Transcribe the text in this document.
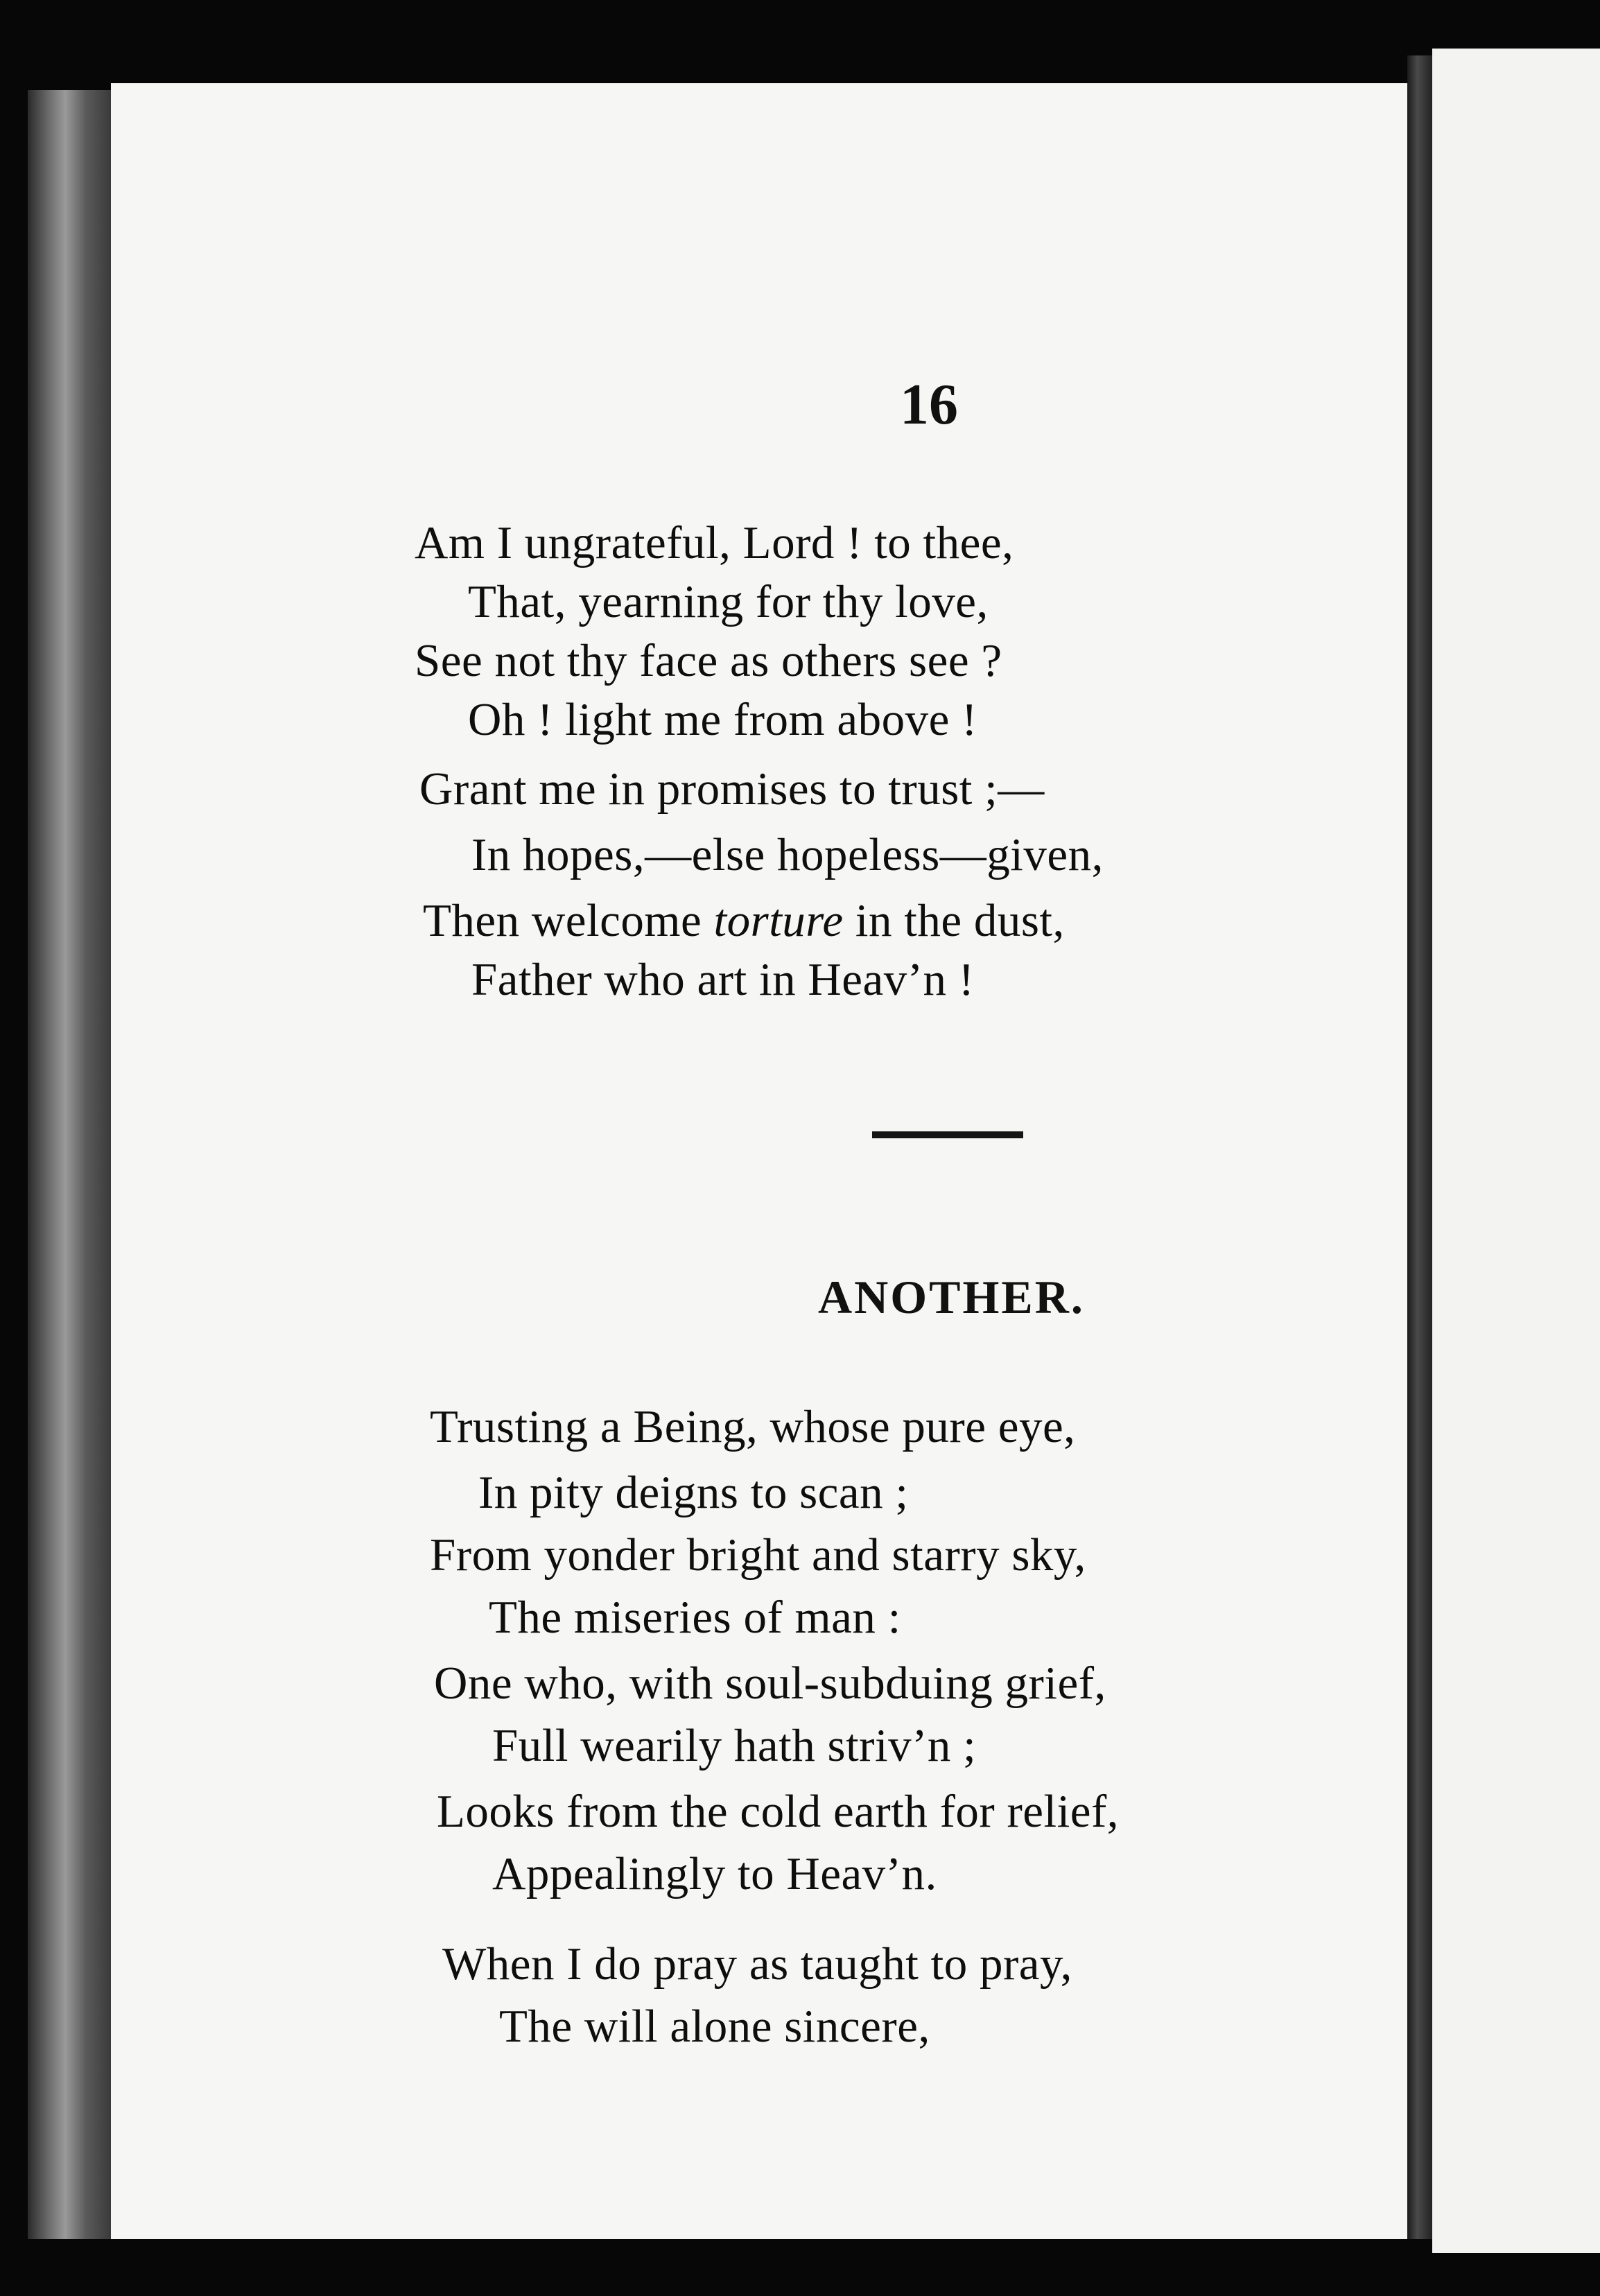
16
Am I ungrateful, Lord ! to thee,
That, yearning for thy love,
See not thy face as others see ?
Oh ! light me from above !
Grant me in promises to trust ;—
In hopes,—else hopeless—given,
Then welcome torture in the dust,
Father who art in Heav’n !
ANOTHER.
Trusting a Being, whose pure eye,
In pity deigns to scan ;
From yonder bright and starry sky,
The miseries of man :
One who, with soul-subduing grief,
Full wearily hath striv’n ;
Looks from the cold earth for relief,
Appealingly to Heav’n.
When I do pray as taught to pray,
The will alone sincere,
